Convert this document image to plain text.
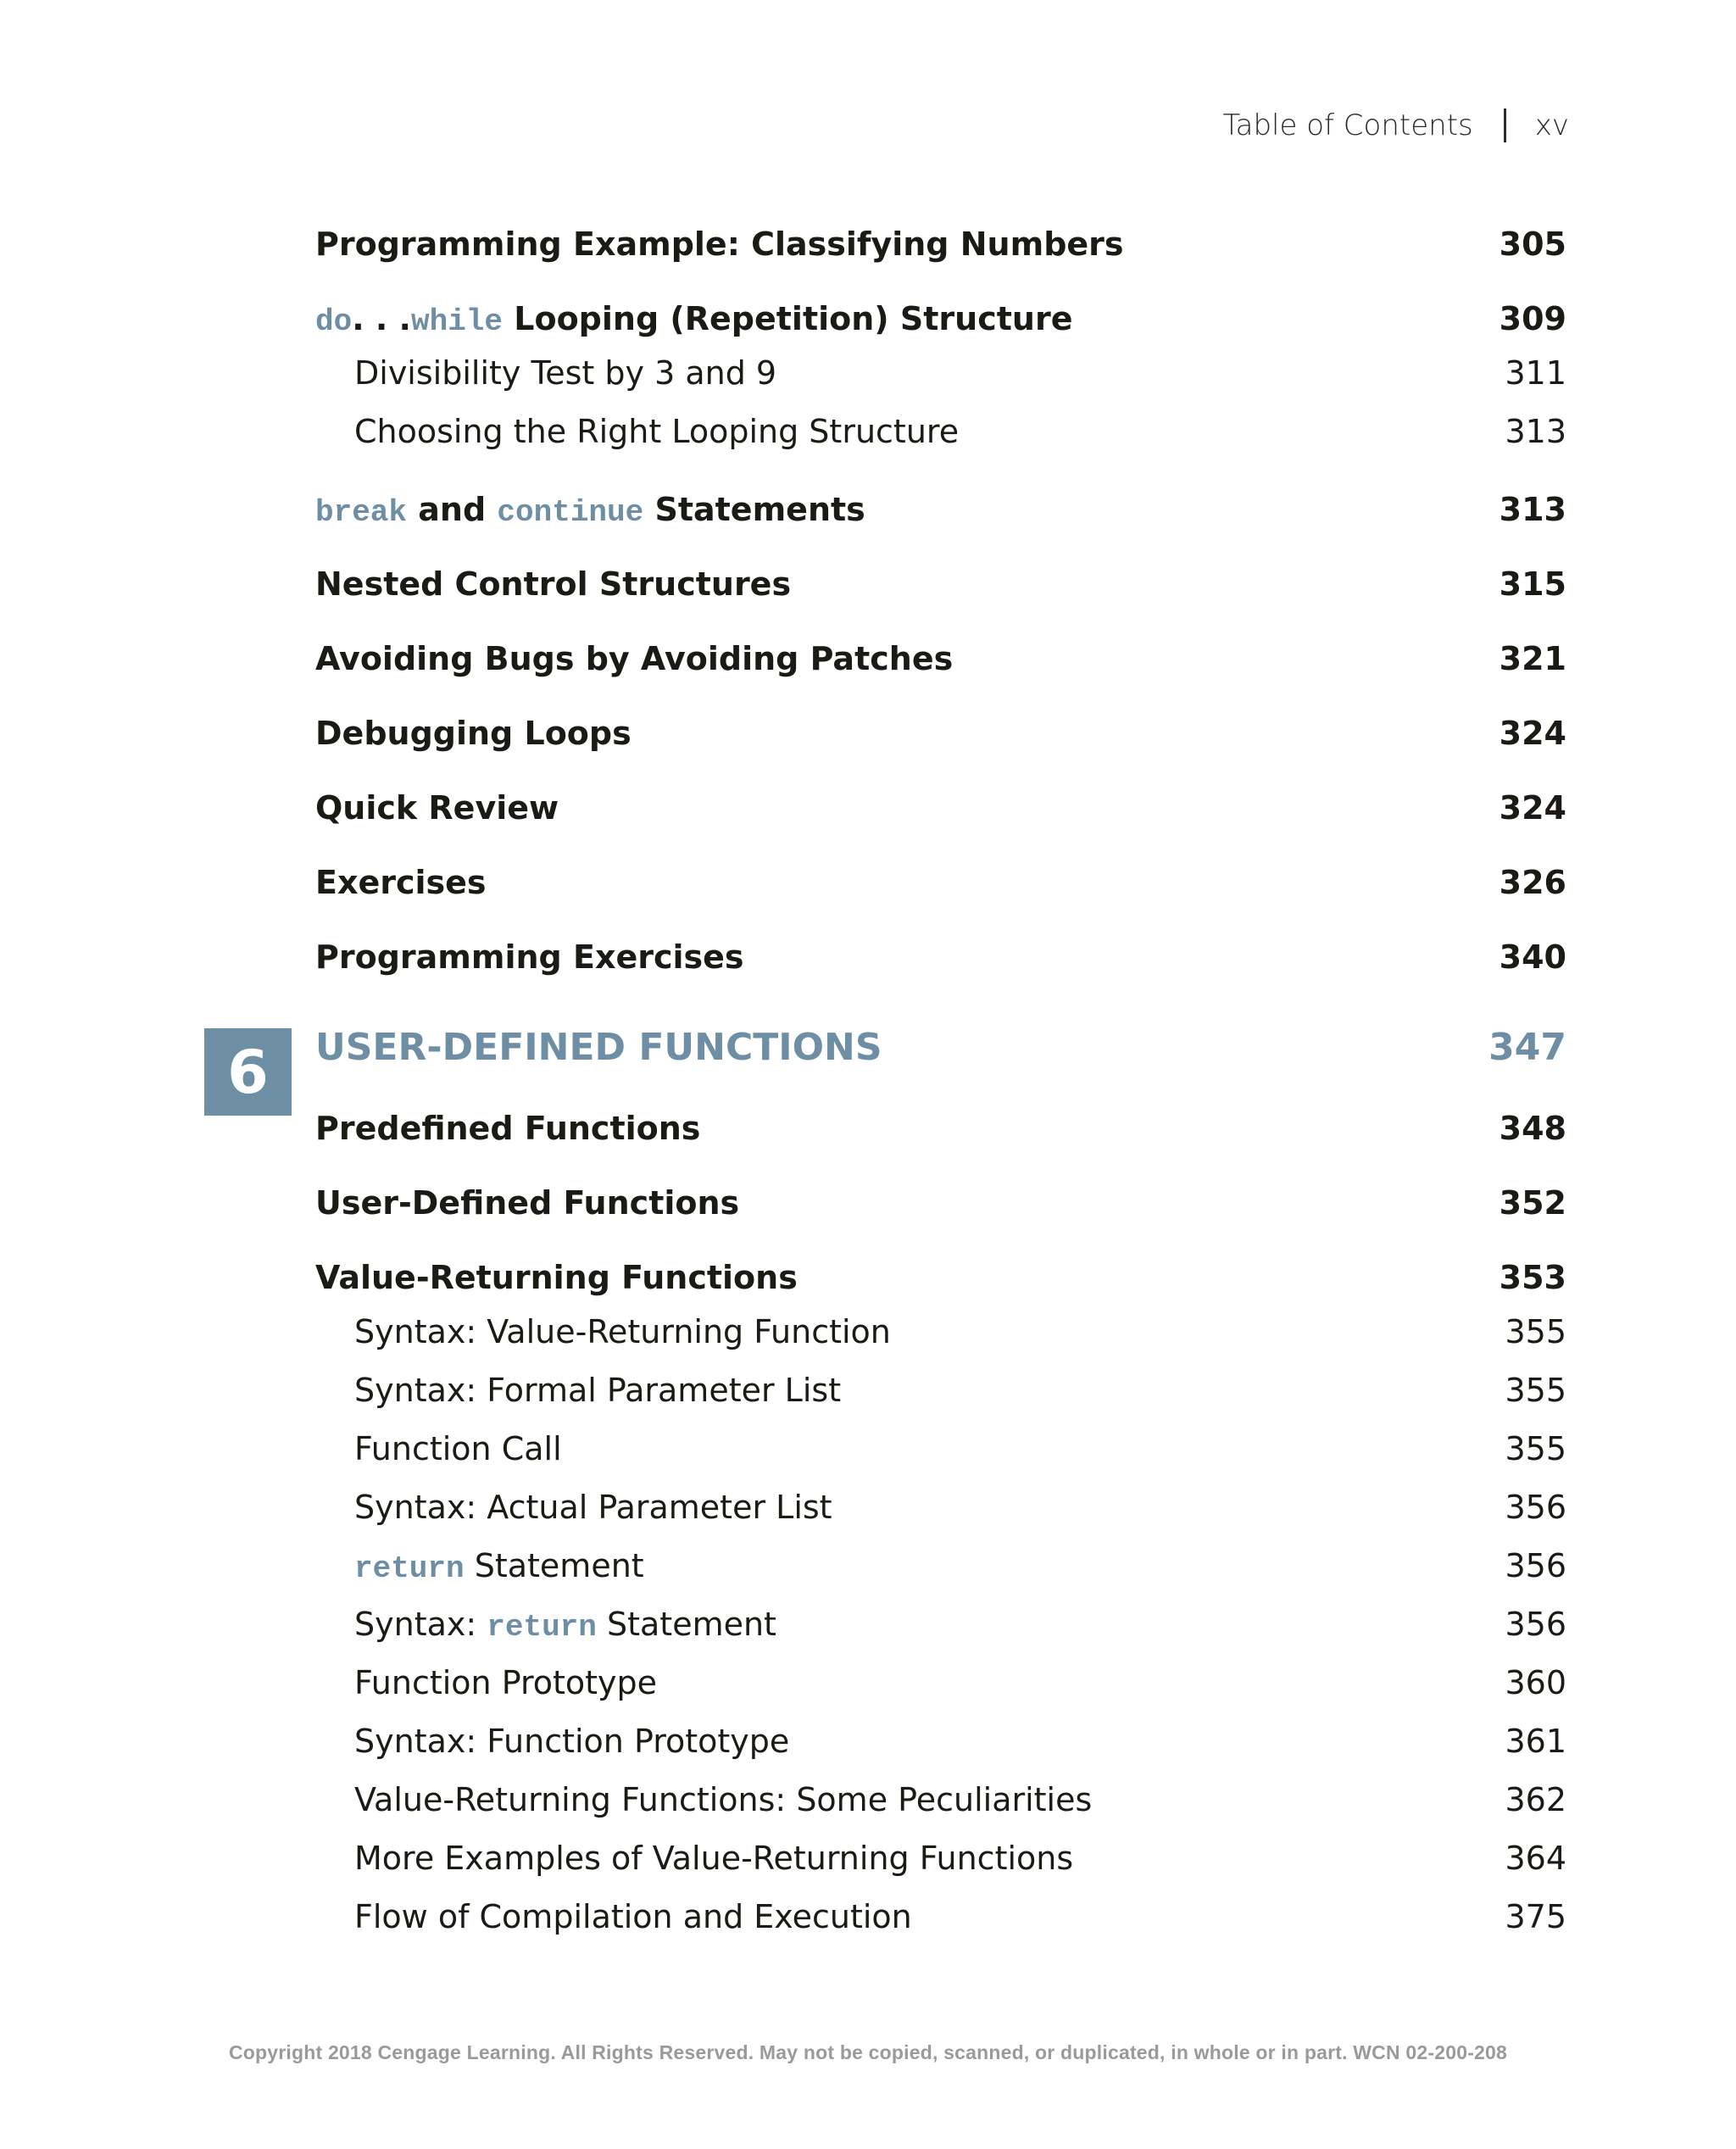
Table of Contents xv
Programming Example: Classifying Numbers	305
do. . .while Looping (Repetition) Structure	309
Divisibility Test by 3 and 9	311
Choosing the Right Looping Structure	313
break and continue Statements	313
Nested Control Structures	315
Avoiding Bugs by Avoiding Patches	321
Debugging Loops	324
Quick Review	324
Exercises	326
Programming Exercises	340
6	USER-DEFINED FUNCTIONS	347
Predefined Functions	348
User-Defined Functions	352
Value-Returning Functions	353
Syntax: Value-Returning Function	355
Syntax: Formal Parameter List	355
Function Call	355
Syntax: Actual Parameter List	356
return Statement	356
Syntax: return Statement	356
Function Prototype	360
Syntax: Function Prototype	361
Value-Returning Functions: Some Peculiarities	362
More Examples of Value-Returning Functions	364
Flow of Compilation and Execution	375
Copyright 2018 Cengage Learning. All Rights Reserved. May not be copied, scanned, or duplicated, in whole or in part. WCN 02-200-208
